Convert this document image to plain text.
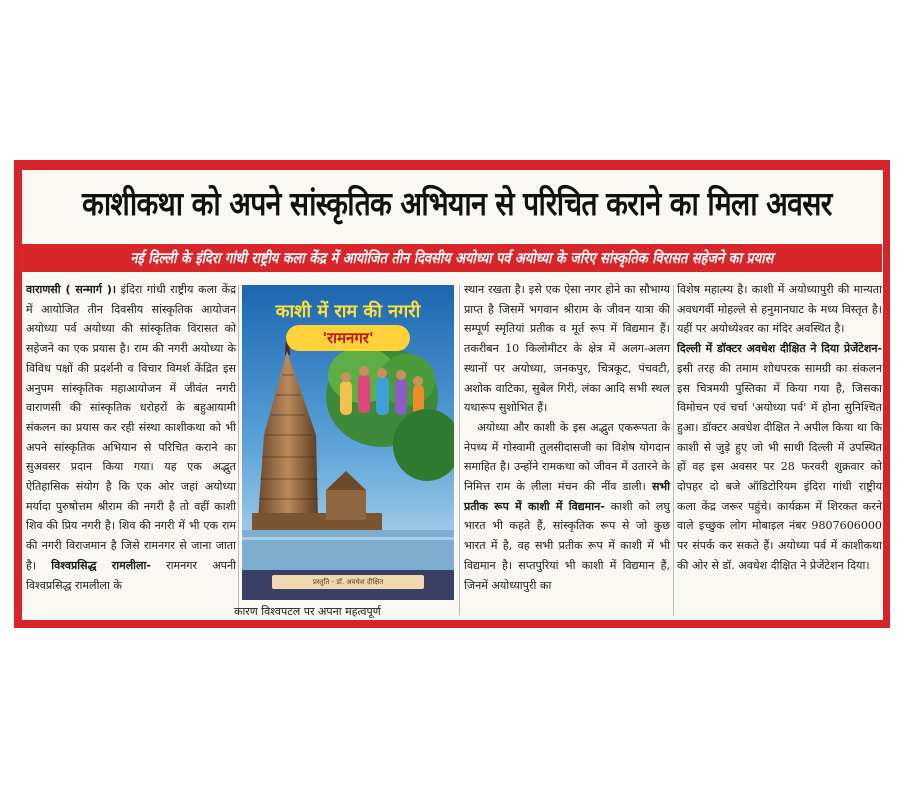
काशीकथा को अपने सांस्कृतिक अभियान से परिचित कराने का मिला अवसर
नई दिल्ली के इंदिरा गांधी राष्ट्रीय कला केंद्र में आयोजित तीन दिवसीय अयोध्या पर्व अयोध्या के जरिए सांस्कृतिक विरासत सहेजने का प्रयास

वाराणसी ( सन्मार्ग )। इंदिरा गांधी राष्ट्रीय कला केंद्र में आयोजित तीन दिवसीय सांस्कृतिक आयोजन अयोध्या पर्व अयोध्या की सांस्कृतिक विरासत को सहेजने का एक प्रयास है। राम की नगरी अयोध्या के विविध पक्षों की प्रदर्शनी व विचार विमर्श केंद्रित इस अनुपम सांस्कृतिक महाआयोजन में जीवंत नगरी वाराणसी की सांस्कृतिक धरोहरों के बहुआयामी संकलन का प्रयास कर रही संस्था काशीकथा को भी अपने सांस्कृतिक अभियान से परिचित कराने का सुअवसर प्रदान किया गया। यह एक अद्भुत ऐतिहासिक संयोग है कि एक ओर जहां अयोध्या मर्यादा पुरुषोत्तम श्रीराम की नगरी है तो वहीं काशी शिव की प्रिय नगरी है। शिव की नगरी में भी एक राम की नगरी विराजमान है जिसे रामनगर से जाना जाता है। विश्वप्रसिद्ध रामलीला- रामनगर अपनी विश्वप्रसिद्ध रामलीला के

काशी में राम की नगरी
'रामनगर'
प्रस्तुति - डॉ. अवधेश दीक्षित
कारण विश्वपटल पर अपना महत्वपूर्ण

स्थान रखता है। इसे एक ऐसा नगर होने का सौभाग्य प्राप्त है जिसमें भगवान श्रीराम के जीवन यात्रा की सम्पूर्ण स्मृतियां प्रतीक व मूर्त रूप में विद्यमान हैं। तकरीबन 10 किलोमीटर के क्षेत्र में अलग-अलग स्थानों पर अयोध्या, जनकपुर, चित्रकूट, पंचवटी, अशोक वाटिका, सुबेल गिरी, लंका आदि सभी स्थल यथारूप सुशोभित हैं।

अयोध्या और काशी के इस अद्भुत एकरूपता के नेपथ्य में गोस्वामी तुलसीदासजी का विशेष योगदान समाहित है। उन्होंने रामकथा को जीवन में उतारने के निमित्त राम के लीला मंचन की नींव डाली। सभी प्रतीक रूप में काशी में विद्यमान- काशी को लघु भारत भी कहते हैं, सांस्कृतिक रूप से जो कुछ भारत में है, वह सभी प्रतीक रूप में काशी में भी विद्यमान है। सप्तपुरियां भी काशी में विद्यमान हैं, जिनमें अयोध्यापुरी का

विशेष महात्म्य है। काशी में अयोध्यापुरी की मान्यता अवधगर्वी मोहल्ले से हनुमानघाट के मध्य विस्तृत है। यहीं पर अयोध्येश्वर का मंदिर अवस्थित है।

दिल्ली में डॉक्टर अवधेश दीक्षित ने दिया प्रेजेंटेशन- इसी तरह की तमाम शोधपरक सामग्री का संकलन इस चित्रमयी पुस्तिका में किया गया है, जिसका विमोचन एवं चर्चा 'अयोध्या पर्व' में होना सुनिश्चित हुआ। डॉक्टर अवधेश दीक्षित ने अपील किया था कि काशी से जुड़े हुए जो भी साथी दिल्ली में उपस्थित हों वह इस अवसर पर 28 फरवरी शुक्रवार को दोपहर दो बजे ऑडिटोरियम इंदिरा गांधी राष्ट्रीय कला केंद्र जरूर पहुंचे। कार्यक्रम में शिरकत करने वाले इच्छुक लोग मोबाइल नंबर 9807606000 पर संपर्क कर सकते हैं। अयोध्या पर्व में काशीकथा की ओर से डॉ. अवधेश दीक्षित ने प्रेजेंटेशन दिया।
